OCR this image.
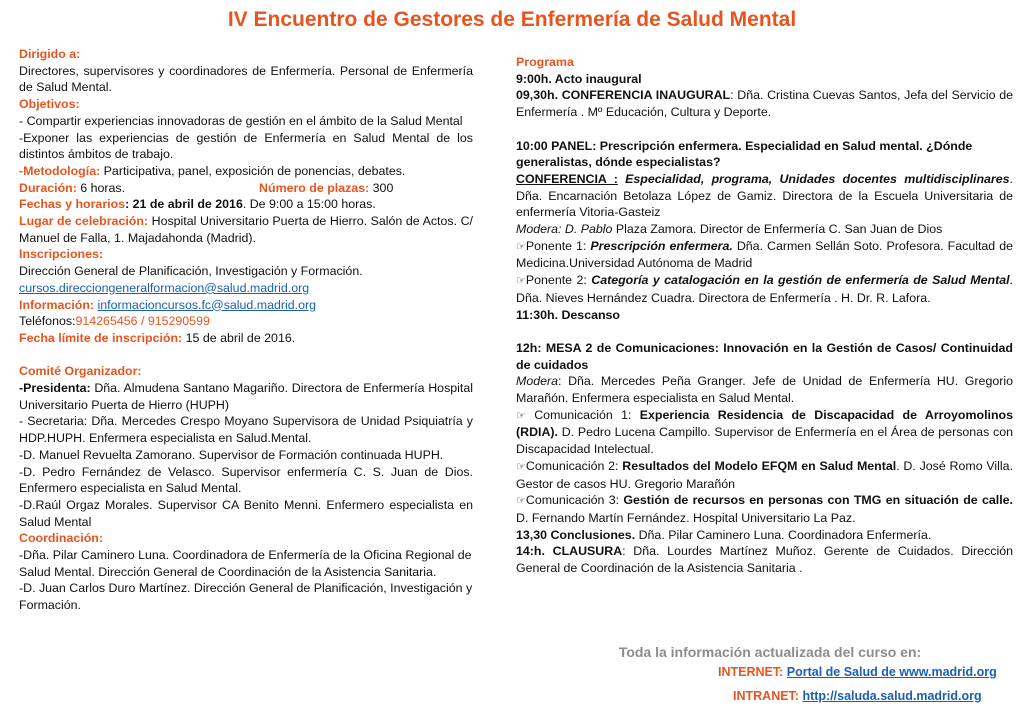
IV Encuentro de Gestores de Enfermería de Salud Mental

Dirigido a:

Directores, supervisores y coordinadores de Enfermería. Personal de Enfermería de Salud Mental.

Objetivos:

- Compartir experiencias innovadoras de gestión en el ámbito de la Salud Mental

-Exponer las experiencias de gestión de Enfermería en Salud Mental de los distintos ámbitos de trabajo.

-Metodología: Participativa, panel, exposición de ponencias, debates.

Duración: 6 horas.	Número de plazas: 300

Fechas y horarios: 21 de abril de 2016. De 9:00 a 15:00 horas.

Lugar de celebración: Hospital Universitario Puerta de Hierro. Salón de Actos. C/ Manuel de Falla, 1. Majadahonda (Madrid).

Inscripciones:

Dirección General de Planificación, Investigación y Formación.

cursos.direcciongeneralformacion@salud.madrid.org

Información: informacioncursos.fc@salud.madrid.org

Teléfonos:914265456 / 915290599

Fecha límite de inscripción: 15 de abril de 2016.

Comité Organizador:

-Presidenta: Dña. Almudena Santano Magariño. Directora de Enfermería Hospital Universitario Puerta de Hierro (HUPH)

- Secretaria: Dña. Mercedes Crespo Moyano Supervisora de Unidad Psiquiatría y HDP.HUPH. Enfermera especialista en Salud.Mental.

-D. Manuel Revuelta Zamorano. Supervisor de Formación continuada HUPH.

-D. Pedro Fernández de Velasco. Supervisor enfermería C. S. Juan de Dios. Enfermero especialista en Salud Mental.

-D.Raúl Orgaz Morales. Supervisor CA Benito Menni. Enfermero especialista en Salud Mental

Coordinación:

-Dña. Pilar Caminero Luna. Coordinadora de Enfermería de la Oficina Regional de Salud Mental. Dirección General de Coordinación de la Asistencia Sanitaria.

-D. Juan Carlos Duro Martínez. Dirección General de Planificación, Investigación y Formación.

Programa

9:00h. Acto inaugural

09,30h. CONFERENCIA INAUGURAL: Dña. Cristina Cuevas Santos, Jefa del Servicio de Enfermería . Mº Educación, Cultura y Deporte.

10:00 PANEL: Prescripción enfermera. Especialidad en Salud mental. ¿Dónde generalistas, dónde especialistas?

CONFERENCIA : Especialidad, programa, Unidades docentes multidisciplinares. Dña. Encarnación Betolaza López de Gamiz. Directora de la Escuela Universitaria de enfermería Vitoria-Gasteiz

Modera: D. Pablo Plaza Zamora. Director de Enfermería C. San Juan de Dios

☞Ponente 1: Prescripción enfermera. Dña. Carmen Sellán Soto. Profesora. Facultad de Medicina.Universidad Autónoma de Madrid

☞Ponente 2: Categoría y catalogación en la gestión de enfermería de Salud Mental. Dña. Nieves Hernández Cuadra. Directora de Enfermería . H. Dr. R. Lafora.

11:30h. Descanso

12h: MESA 2 de Comunicaciones: Innovación en la Gestión de Casos/ Continuidad de cuidados

Modera: Dña. Mercedes Peña Granger. Jefe de Unidad de Enfermería HU. Gregorio Marañón. Enfermera especialista en Salud Mental.

☞ Comunicación 1: Experiencia Residencia de Discapacidad de Arroyomolinos (RDIA). D. Pedro Lucena Campillo. Supervisor de Enfermería en el Área de personas con Discapacidad Intelectual.

☞Comunicación 2: Resultados del Modelo EFQM en Salud Mental. D. José Romo Villa. Gestor de casos HU. Gregorio Marañón

☞Comunicación 3: Gestión de recursos en personas con TMG en situación de calle. D. Fernando Martín Fernández. Hospital Universitario La Paz.

13,30 Conclusiones. Dña. Pilar Caminero Luna. Coordinadora Enfermería.

14:h. CLAUSURA: Dña. Lourdes Martínez Muñoz. Gerente de Cuidados. Dirección General de Coordinación de la Asistencia Sanitaria .

Toda la información actualizada del curso en:
INTERNET: Portal de Salud de www.madrid.org
INTRANET: http://saluda.salud.madrid.org
